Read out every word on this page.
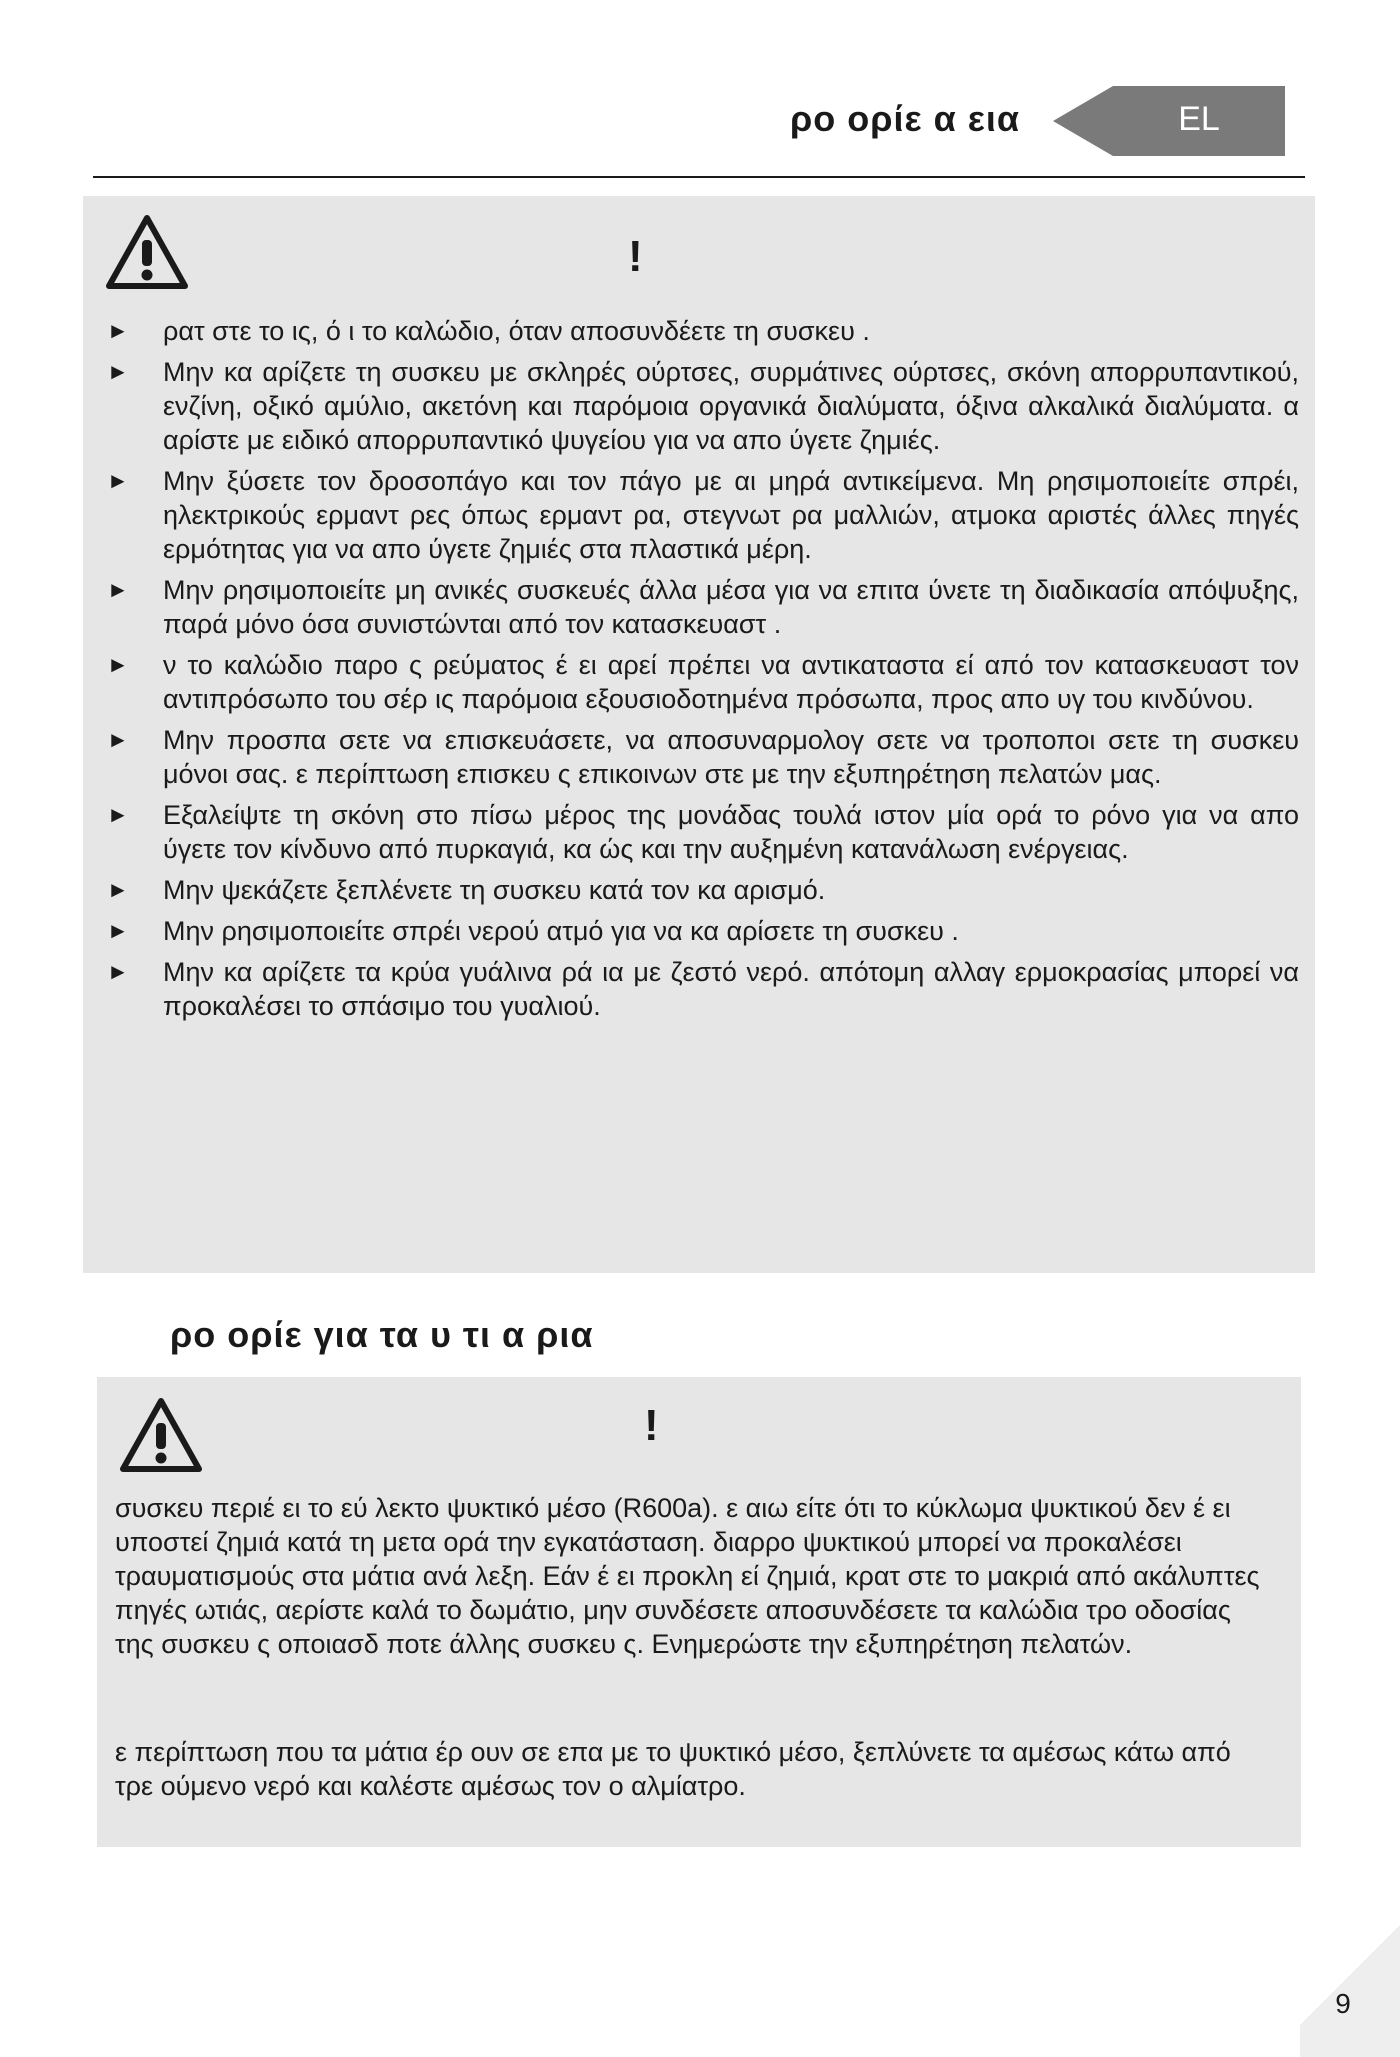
ρο ορίε α εια	EL
!
► ρατ στε το ις, ό ι το καλώδιο, όταν αποσυνδέετε τη συσκευ .
► Μην κα αρίζετε τη συσκευ με σκληρές ούρτσες, συρμάτινες ούρτσες, σκόνη απορρυπαντικού, ενζίνη, οξικό αμύλιο, ακετόνη και παρόμοια οργανικά διαλύματα, όξινα αλκαλικά διαλύματα. α αρίστε με ειδικό απορρυπαντικό ψυγείου για να απο ύγετε ζημιές.
► Μην ξύσετε τον δροσοπάγο και τον πάγο με αι μηρά αντικείμενα. Μη ρησιμοποιείτε σπρέι, ηλεκτρικούς ερμαντ ρες όπως ερμαντ ρα, στεγνωτ ρα μαλλιών, ατμοκα αριστές άλλες πηγές ερμότητας για να απο ύγετε ζημιές στα πλαστικά μέρη.
► Μην ρησιμοποιείτε μη ανικές συσκευές άλλα μέσα για να επιτα ύνετε τη διαδικασία απόψυξης, παρά μόνο όσα συνιστώνται από τον κατασκευαστ .
► ν το καλώδιο παρο ς ρεύματος έ ει αρεί πρέπει να αντικαταστα εί από τον κατασκευαστ τον αντιπρόσωπο του σέρ ις παρόμοια εξουσιοδοτημένα πρόσωπα, προς απο υγ του κινδύνου.
► Μην προσπα σετε να επισκευάσετε, να αποσυναρμολογ σετε να τροποποι σετε τη συσκευ μόνοι σας. ε περίπτωση επισκευ ς επικοινων στε με την εξυπηρέτηση πελατών μας.
► Εξαλείψτε τη σκόνη στο πίσω μέρος της μονάδας τουλά ιστον μία ορά το ρόνο για να απο ύγετε τον κίνδυνο από πυρκαγιά, κα ώς και την αυξημένη κατανάλωση ενέργειας.
► Μην ψεκάζετε ξεπλένετε τη συσκευ κατά τον κα αρισμό.
► Μην ρησιμοποιείτε σπρέι νερού ατμό για να κα αρίσετε τη συσκευ .
► Μην κα αρίζετε τα κρύα γυάλινα ρά ια με ζεστό νερό. απότομη αλλαγ ερμοκρασίας μπορεί να προκαλέσει το σπάσιμο του γυαλιού.
ρο ορίε για τα υ τι α ρια
!

συσκευ περιέ ει το εύ λεκτο ψυκτικό μέσο (R600a). ε αιω είτε ότι το κύκλωμα ψυκτικού δεν έ ει υποστεί ζημιά κατά τη μετα ορά την εγκατάσταση. διαρρο ψυκτικού μπορεί να προκαλέσει τραυματισμούς στα μάτια ανά λεξη. Εάν έ ει προκλη εί ζημιά, κρατ στε το μακριά από ακάλυπτες πηγές ωτιάς, αερίστε καλά το δωμάτιο, μην συνδέσετε αποσυνδέσετε τα καλώδια τρο οδοσίας της συσκευ ς οποιασδ ποτε άλλης συσκευ ς. Ενημερώστε την εξυπηρέτηση πελατών.

ε περίπτωση που τα μάτια έρ ουν σε επα με το ψυκτικό μέσο, ξεπλύνετε τα αμέσως κάτω από τρε ούμενο νερό και καλέστε αμέσως τον ο αλμίατρο.

9
